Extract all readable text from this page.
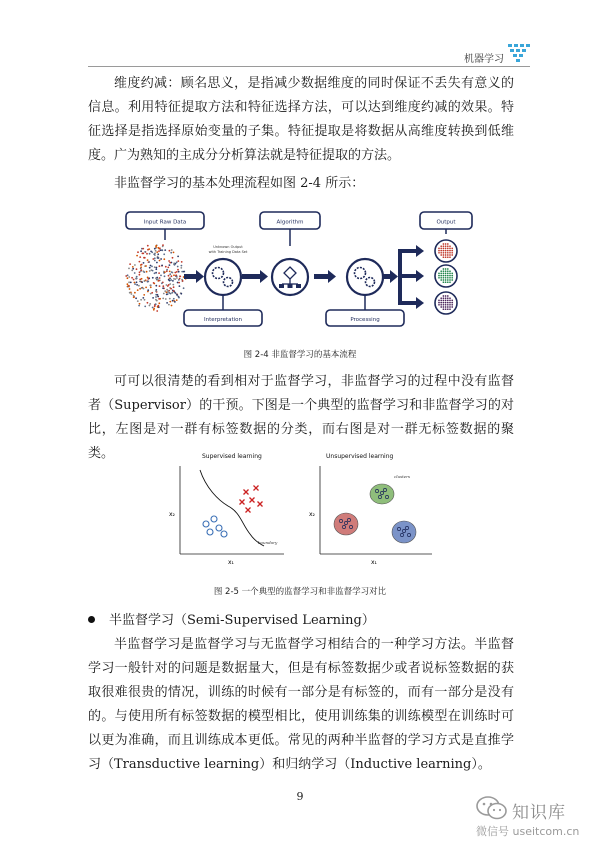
机器学习

维度约减：顾名思义，是指减少数据维度的同时保证不丢失有意义的信息。利用特征提取方法和特征选择方法，可以达到维度约减的效果。特征选择是指选择原始变量的子集。特征提取是将数据从高维度转换到低维度。广为熟知的主成分分析算法就是特征提取的方法。

非监督学习的基本处理流程如图 2-4 所示：

Input Raw Data	Algorithm	Output
Interpretation	Processing
Unknown Output
with Training Data Set
图 2-4 非监督学习的基本流程

可可以很清楚的看到相对于监督学习，非监督学习的过程中没有监督者（Supervisor）的干预。下图是一个典型的监督学习和非监督学习的对比，左图是对一群有标签数据的分类，而右图是对一群无标签数据的聚类。	Supervised learning	Unsupervised learning
x₂
x₁
boundary
x₂
x₁
clusters
图 2-5 一个典型的监督学习和非监督学习对比
半监督学习（Semi-Supervised Learning）

半监督学习是监督学习与无监督学习相结合的一种学习方法。半监督学习一般针对的问题是数据量大，但是有标签数据少或者说标签数据的获取很难很贵的情况，训练的时候有一部分是有标签的，而有一部分是没有的。与使用所有标签数据的模型相比，使用训练集的训练模型在训练时可以更为准确，而且训练成本更低。常见的两种半监督的学习方式是直推学习（Transductive learning）和归纳学习（Inductive learning）。

9
知识库
微信号 useitcom.cn
